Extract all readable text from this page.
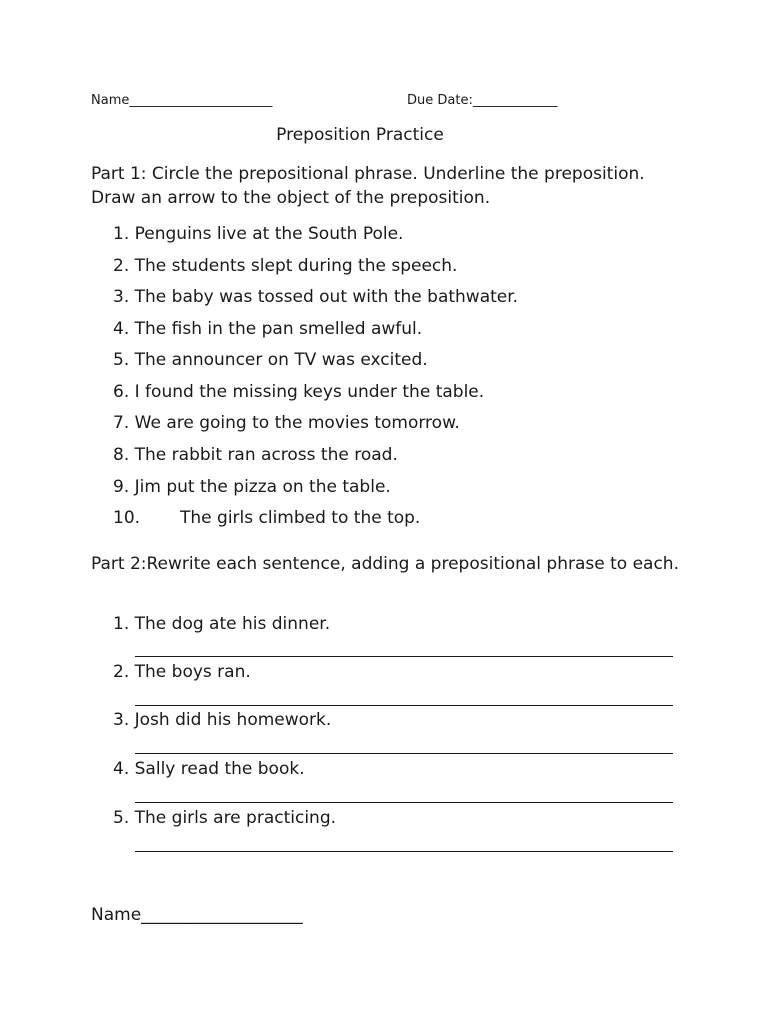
Name______________________	Due Date:_____________
Preposition Practice

Part 1: Circle the prepositional phrase. Underline the preposition. Draw an arrow to the object of the preposition.

1. Penguins live at the South Pole.
2. The students slept during the speech.
3. The baby was tossed out with the bathwater.
4. The fish in the pan smelled awful.
5. The announcer on TV was excited.
6. I found the missing keys under the table.
7. We are going to the movies tomorrow.
8. The rabbit ran across the road.
9. Jim put the pizza on the table.
10. The girls climbed to the top.

Part 2:Rewrite each sentence, adding a prepositional phrase to each.

1. The dog ate his dinner.
2. The boys ran.
3. Josh did his homework.
4. Sally read the book.
5. The girls are practicing.
Name___________________
